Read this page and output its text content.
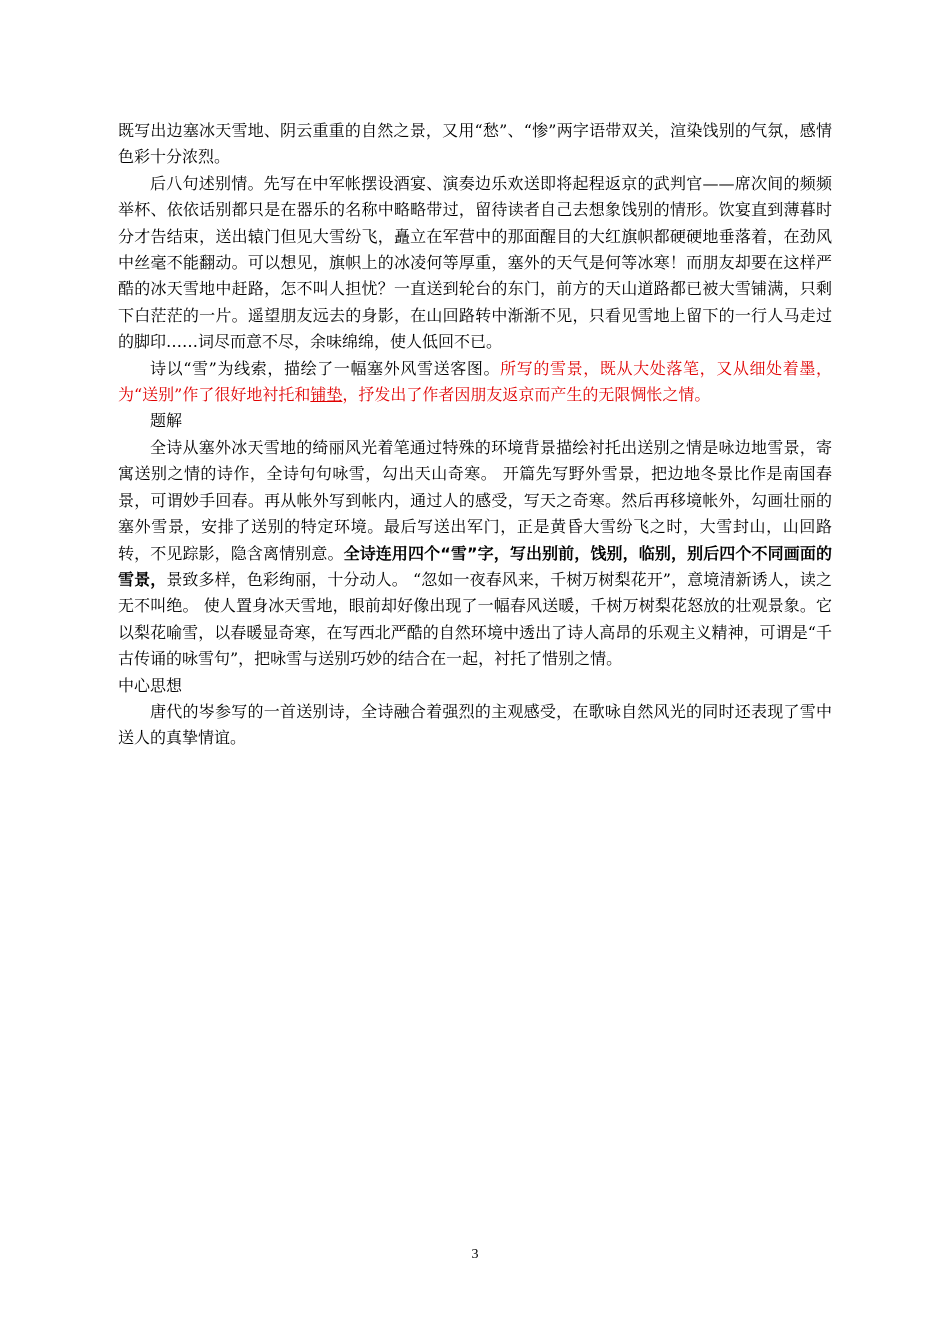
既写出边塞冰天雪地、阴云重重的自然之景，又用“愁”、“惨”两字语带双关，渲染饯别的气氛，感情色彩十分浓烈。

后八句述别情。先写在中军帐摆设酒宴、演奏边乐欢送即将起程返京的武判官——席次间的频频举杯、依依话别都只是在器乐的名称中略略带过，留待读者自己去想象饯别的情形。饮宴直到薄暮时分才告结束，送出辕门但见大雪纷飞，矗立在军营中的那面醒目的大红旗帜都硬硬地垂落着，在劲风中丝毫不能翻动。可以想见，旗帜上的冰凌何等厚重，塞外的天气是何等冰寒！而朋友却要在这样严酷的冰天雪地中赶路，怎不叫人担忧？一直送到轮台的东门，前方的天山道路都已被大雪铺满，只剩下白茫茫的一片。遥望朋友远去的身影，在山回路转中渐渐不见，只看见雪地上留下的一行人马走过的脚印……词尽而意不尽，余味绵绵，使人低回不已。

诗以“雪”为线索，描绘了一幅塞外风雪送客图。所写的雪景，既从大处落笔，又从细处着墨，为“送别”作了很好地衬托和铺垫，抒发出了作者因朋友返京而产生的无限惆怅之情。

题解

全诗从塞外冰天雪地的绮丽风光着笔通过特殊的环境背景描绘衬托出送别之情是咏边地雪景，寄寓送别之情的诗作，全诗句句咏雪，勾出天山奇寒。 开篇先写野外雪景，把边地冬景比作是南国春景，可谓妙手回春。再从帐外写到帐内，通过人的感受，写天之奇寒。然后再移境帐外，勾画壮丽的塞外雪景，安排了送别的特定环境。最后写送出军门，正是黄昏大雪纷飞之时，大雪封山，山回路转，不见踪影，隐含离情别意。全诗连用四个“雪”字，写出别前，饯别，临别，别后四个不同画面的雪景，景致多样，色彩绚丽，十分动人。 “忽如一夜春风来，千树万树梨花开”，意境清新诱人，读之无不叫绝。 使人置身冰天雪地，眼前却好像出现了一幅春风送暖，千树万树梨花怒放的壮观景象。它以梨花喻雪，以春暖显奇寒，在写西北严酷的自然环境中透出了诗人高昂的乐观主义精神，可谓是“千古传诵的咏雪句”，把咏雪与送别巧妙的结合在一起，衬托了惜别之情。

中心思想

唐代的岑参写的一首送别诗，全诗融合着强烈的主观感受，在歌咏自然风光的同时还表现了雪中送人的真挚情谊。

3
